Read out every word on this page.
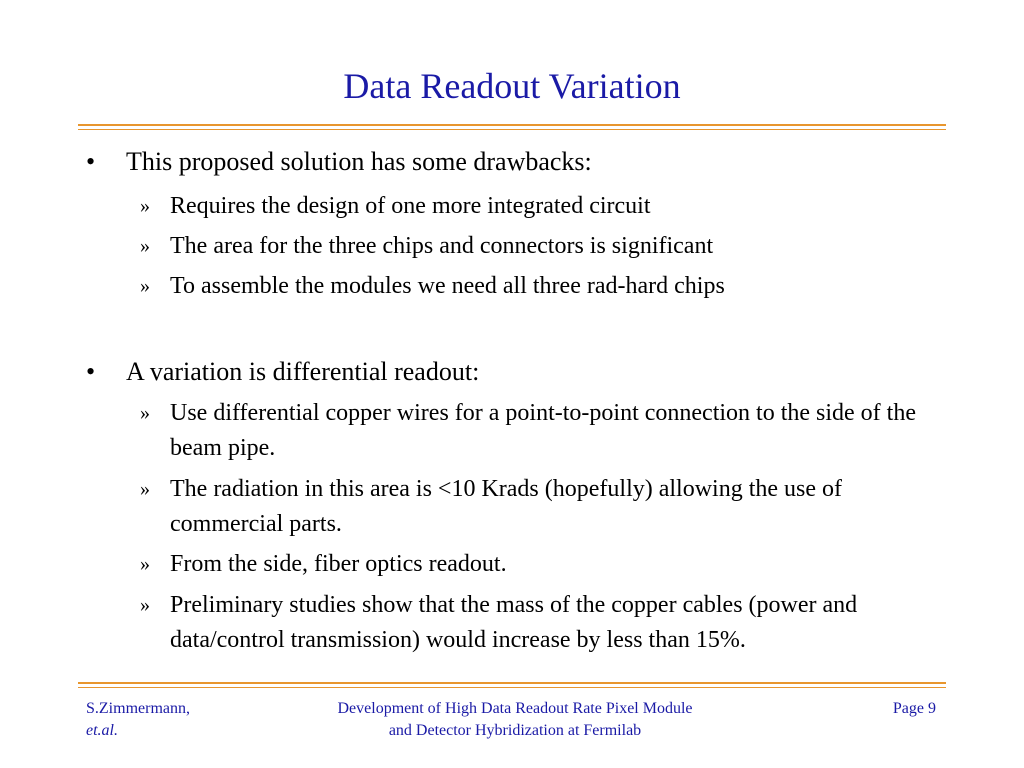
Data Readout Variation
• This proposed solution has some drawbacks:
» Requires the design of one more integrated circuit
» The area for the three chips and connectors is significant
» To assemble the modules we need all three rad-hard chips
• A variation is differential readout:
» Use differential copper wires for a point-to-point connection to the side of the beam pipe.
» The radiation in this area is <10 Krads (hopefully) allowing the use of commercial parts.
» From the side, fiber optics readout.
» Preliminary studies show that the mass of the copper cables (power and data/control transmission) would increase by less than 15%.
S.Zimmermann,
et.al.
Development of High Data Readout Rate Pixel Module
and Detector Hybridization at Fermilab
Page 9
